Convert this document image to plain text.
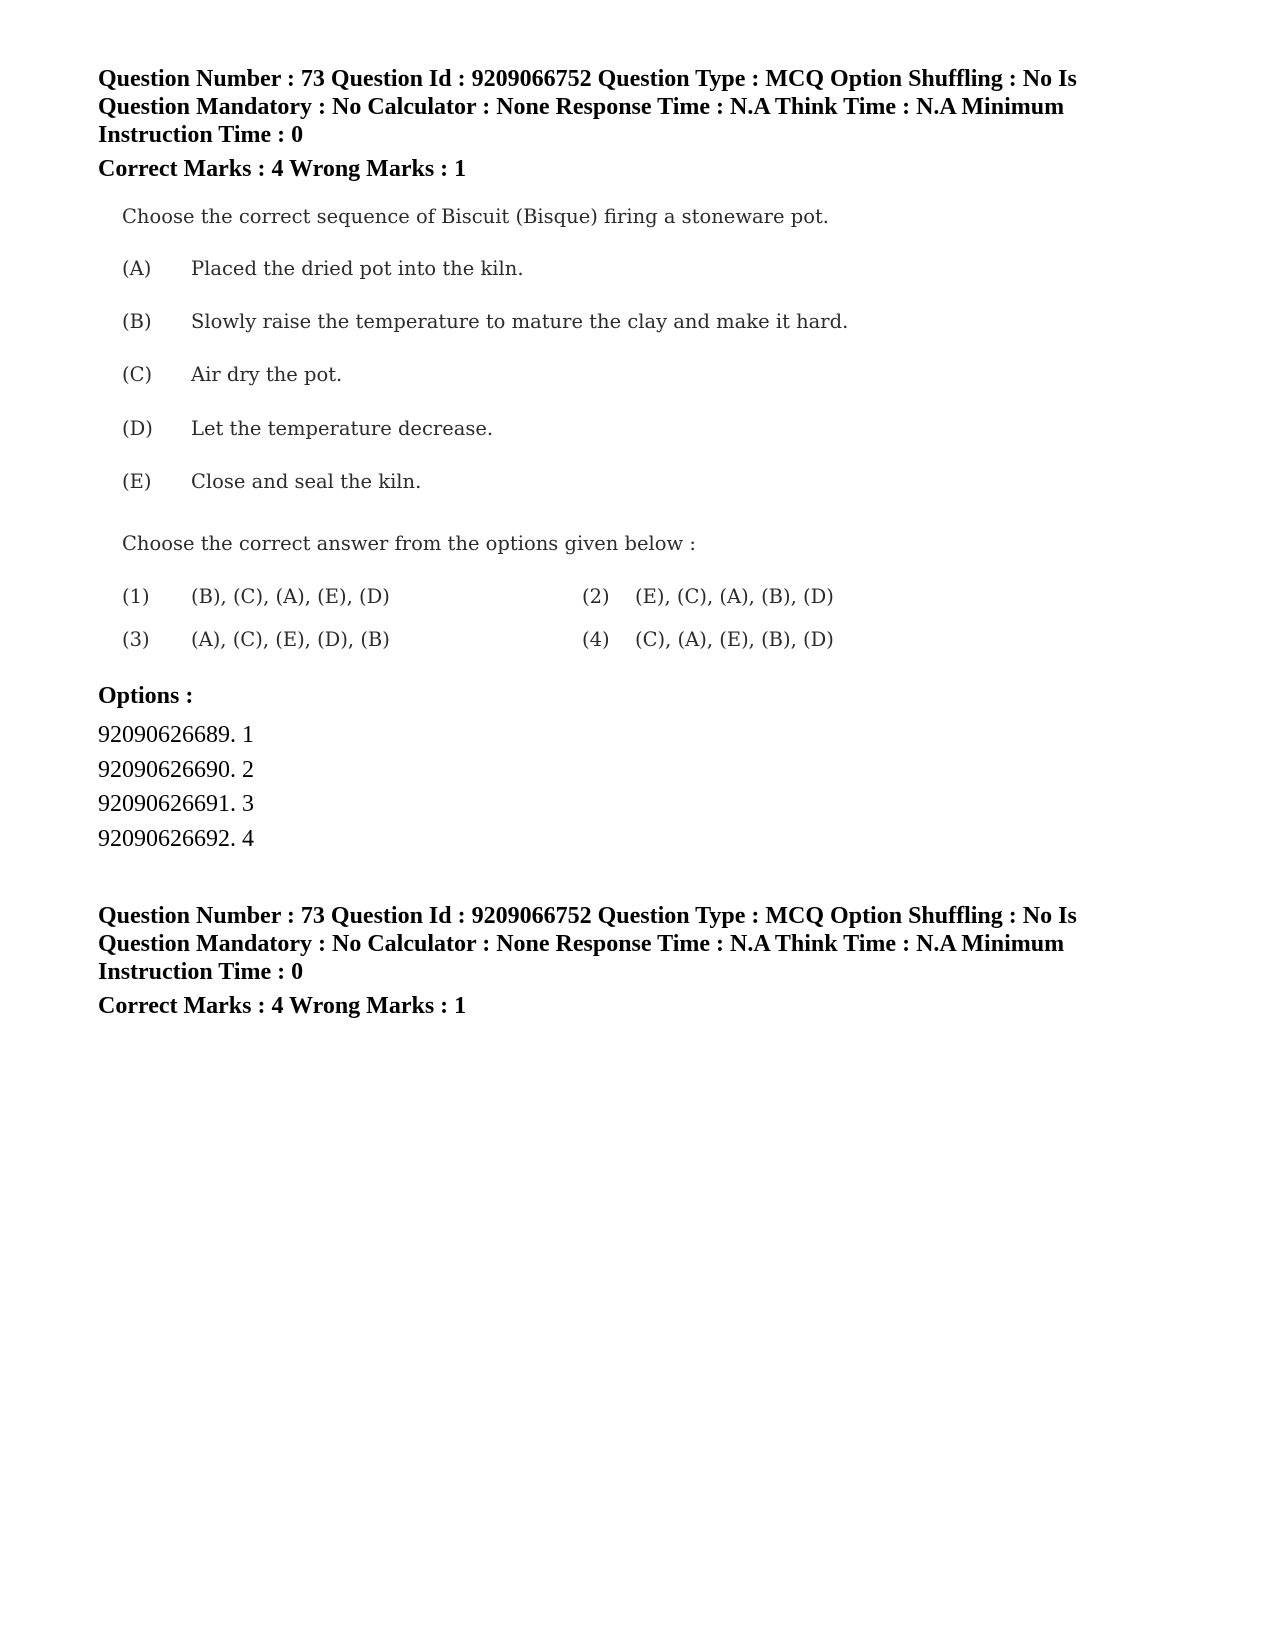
Question Number : 73 Question Id : 9209066752 Question Type : MCQ Option Shuffling : No Is
Question Mandatory : No Calculator : None Response Time : N.A Think Time : N.A Minimum
Instruction Time : 0
Correct Marks : 4 Wrong Marks : 1
Choose the correct sequence of Biscuit (Bisque) firing a stoneware pot.
(A) Placed the dried pot into the kiln.
(B) Slowly raise the temperature to mature the clay and make it hard.
(C) Air dry the pot.
(D) Let the temperature decrease.
(E) Close and seal the kiln.
Choose the correct answer from the options given below :
(1) (B), (C), (A), (E), (D)	(2) (E), (C), (A), (B), (D)
(3) (A), (C), (E), (D), (B)	(4) (C), (A), (E), (B), (D)
Options :
92090626689. 1
92090626690. 2
92090626691. 3
92090626692. 4
Question Number : 73 Question Id : 9209066752 Question Type : MCQ Option Shuffling : No Is
Question Mandatory : No Calculator : None Response Time : N.A Think Time : N.A Minimum
Instruction Time : 0
Correct Marks : 4 Wrong Marks : 1
